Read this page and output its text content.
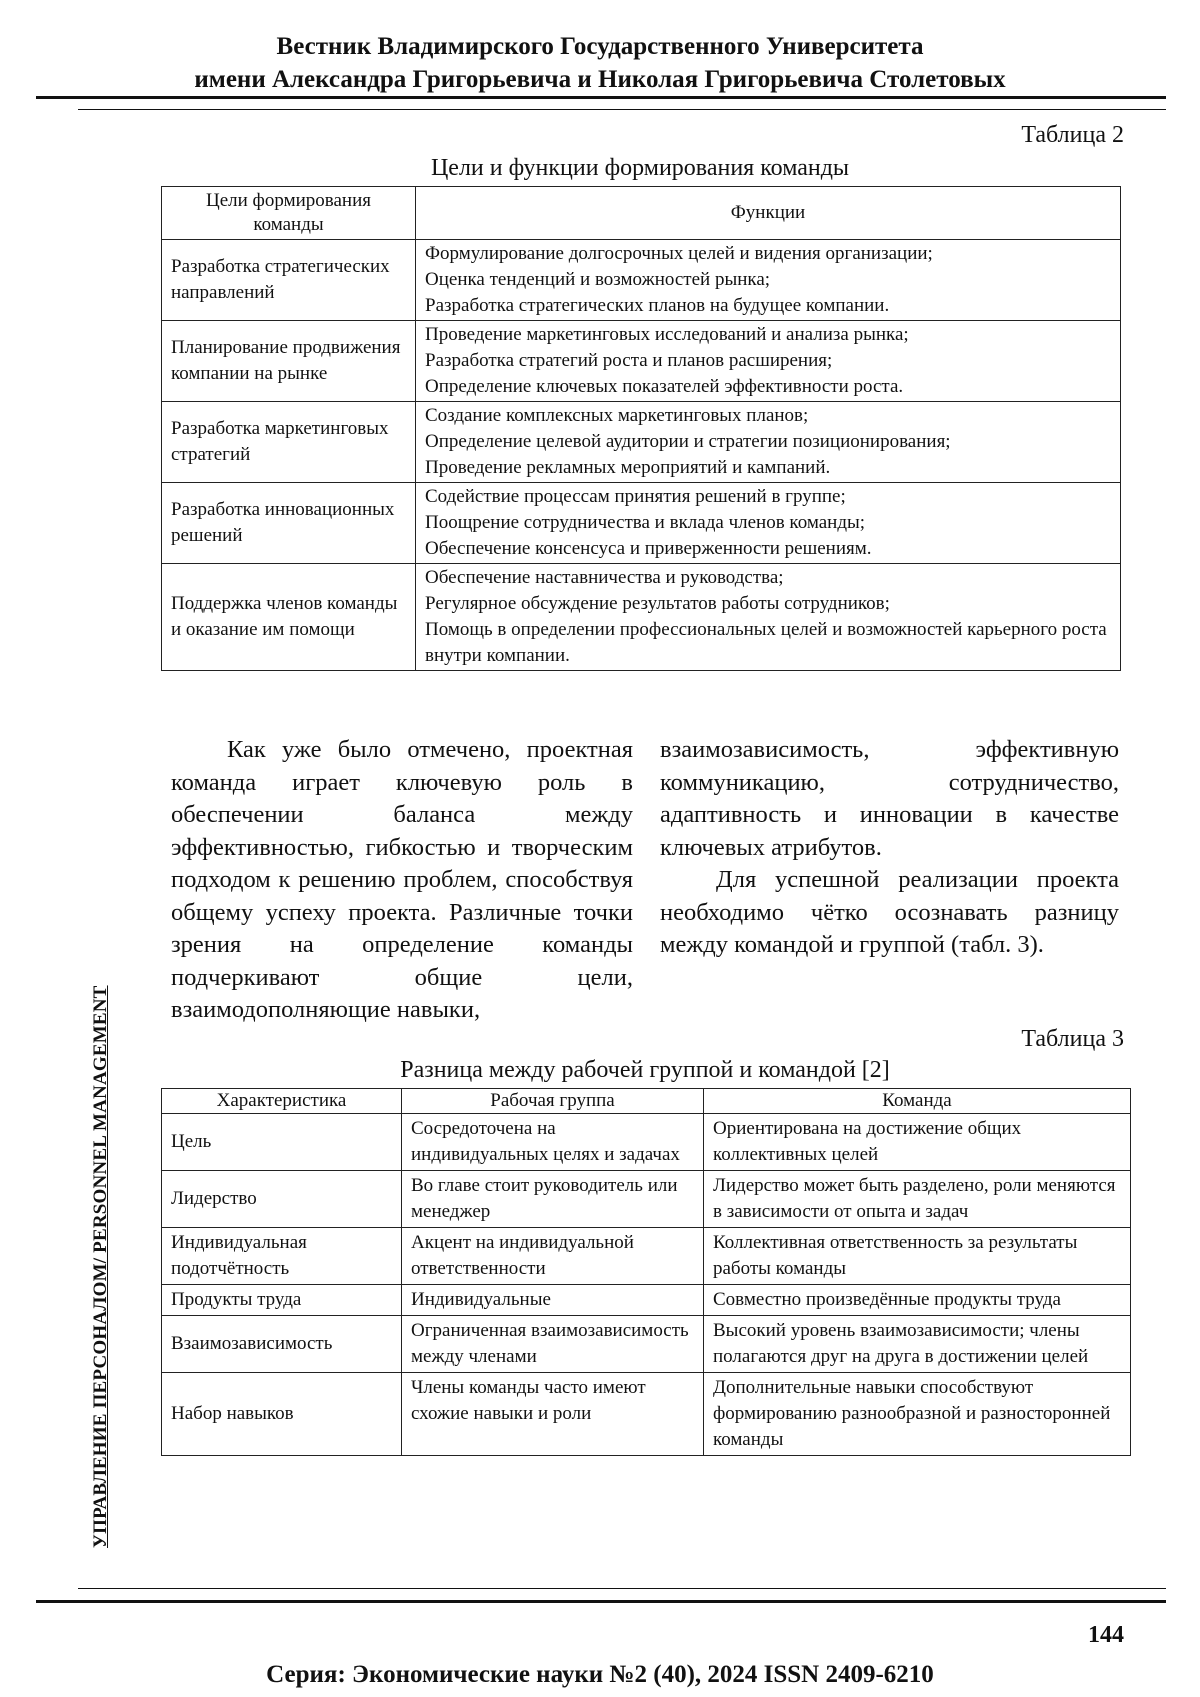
Вестник Владимирского Государственного Университета
имени Александра Григорьевича и Николая Григорьевича Столетовых
УПРАВЛЕНИЕ ПЕРСОНАЛОМ/ PERSONNEL MANAGEMENT
Таблица 2
Цели и функции формирования команды
Цели формирования команды	Функции
Разработка стратегических направлений	Формулирование долгосрочных целей и видения организации;
Оценка тенденций и возможностей рынка;
Разработка стратегических планов на будущее компании.

Планирование продвижения компании на рынке	Проведение маркетинговых исследований и анализа рынка;
Разработка стратегий роста и планов расширения;
Определение ключевых показателей эффективности роста.

Разработка маркетинговых стратегий	Создание комплексных маркетинговых планов;
Определение целевой аудитории и стратегии позиционирования;
Проведение рекламных мероприятий и кампаний.

Разработка инновационных решений	Содействие процессам принятия решений в группе;
Поощрение сотрудничества и вклада членов команды;
Обеспечение консенсуса и приверженности решениям.

Поддержка членов команды и оказание им помощи	Обеспечение наставничества и руководства;
Регулярное обсуждение результатов работы сотрудников;
Помощь в определении профессиональных целей и возможностей карьерного роста внутри компании.

Как уже было отмечено, проектная команда играет ключевую роль в обеспечении баланса между эффективностью, гибкостью и творческим подходом к решению проблем, способствуя общему успеху проекта. Различные точки зрения на определение команды подчеркивают общие цели, взаимодополняющие навыки,

взаимозависимость, эффективную коммуникацию, сотрудничество, адаптивность и инновации в качестве ключевых атрибутов.

Для успешной реализации проекта необходимо чётко осознавать разницу между командой и группой (табл. 3).

Таблица 3
Разница между рабочей группой и командой [2]
Характеристика	Рабочая группа	Команда
Цель	Сосредоточена на индивидуальных целях и задачах	Ориентирована на достижение общих коллективных целей
Лидерство	Во главе стоит руководитель или менеджер	Лидерство может быть разделено, роли меняются в зависимости от опыта и задач
Индивидуальная подотчётность	Акцент на индивидуальной ответственности	Коллективная ответственность за результаты работы команды
Продукты труда	Индивидуальные	Совместно произведённые продукты труда
Взаимозависимость	Ограниченная взаимозависимость между членами	Высокий уровень взаимозависимости; члены полагаются друг на друга в достижении целей
Набор навыков	Члены команды часто имеют схожие навыки и роли	Дополнительные навыки способствуют формированию разнообразной и разносторонней команды
144
Серия: Экономические науки №2 (40), 2024 ISSN 2409-6210
